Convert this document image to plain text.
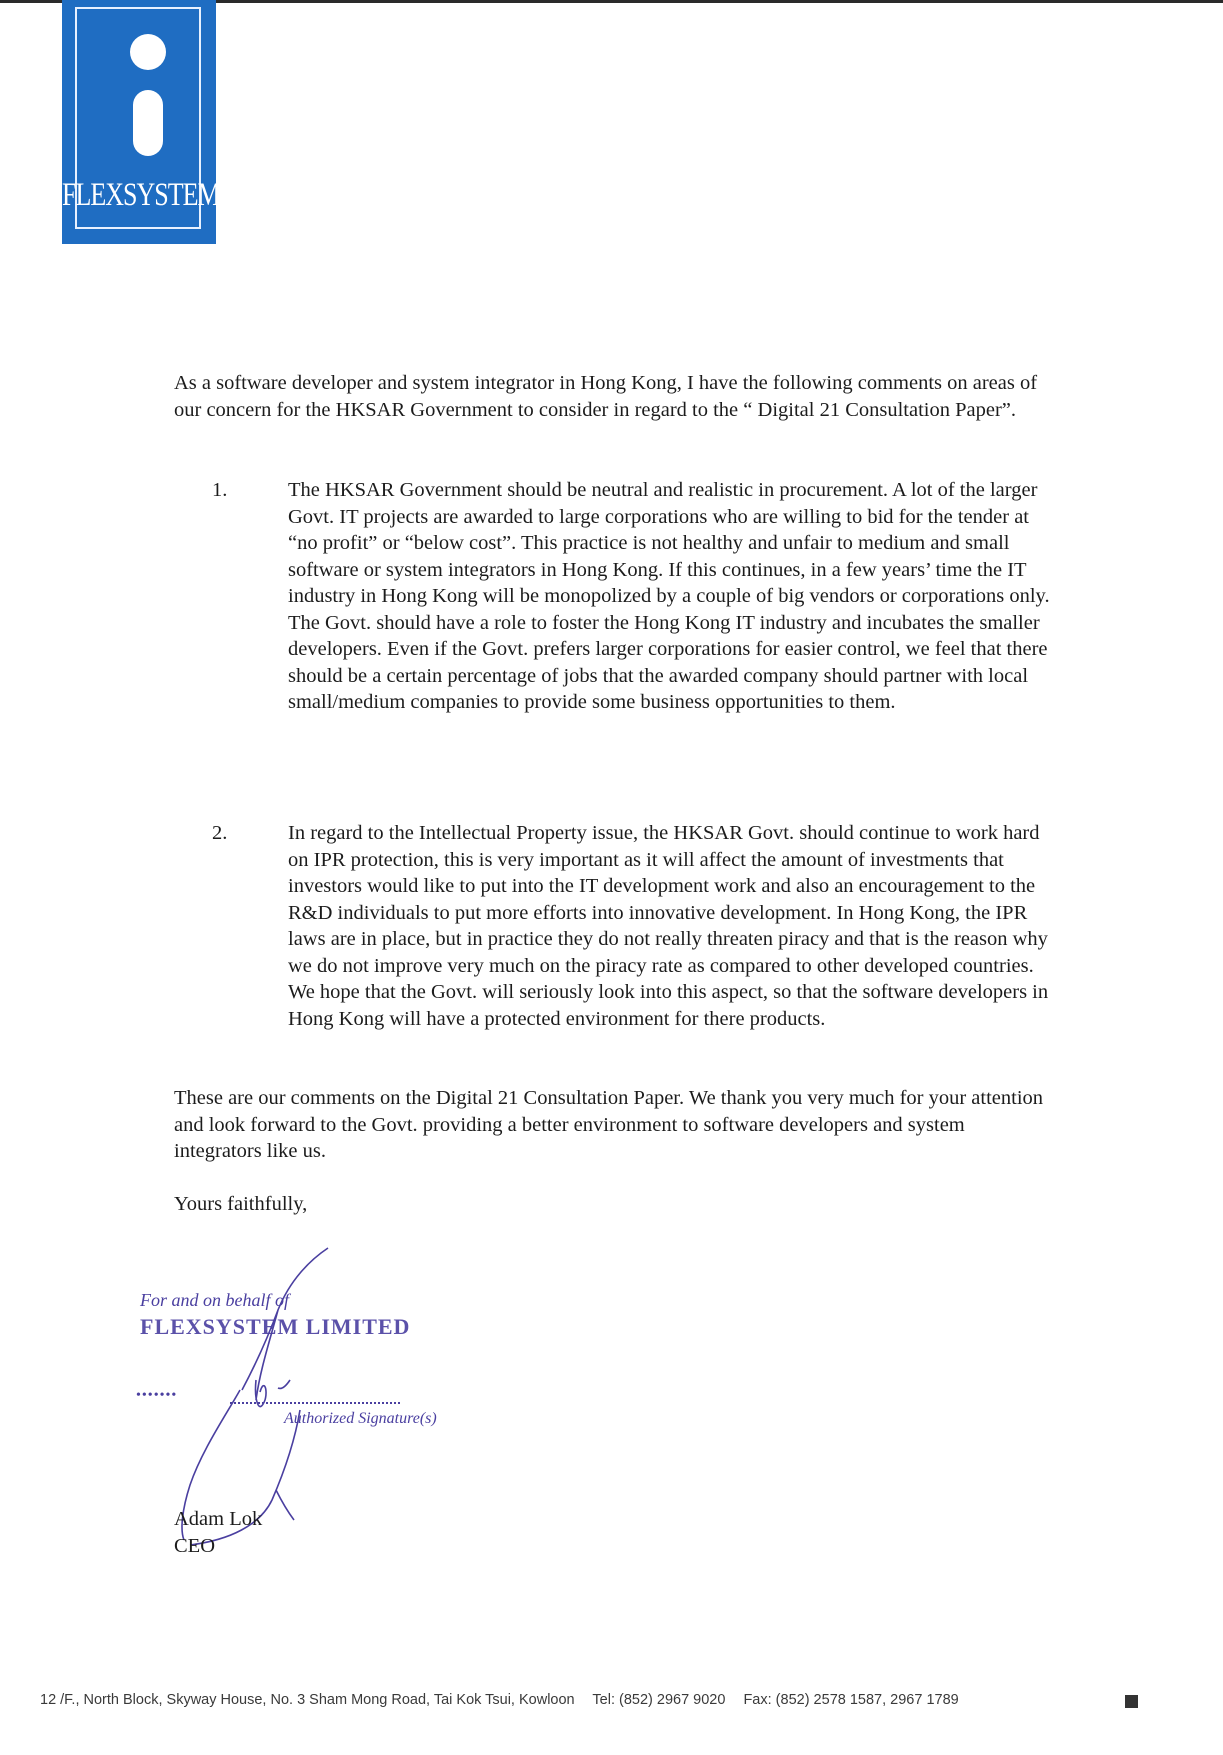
FLEXSYSTEM

As a software developer and system integrator in Hong Kong, I have the following comments on areas of our concern for the HKSAR Government to consider in regard to the “ Digital 21 Consultation Paper”.

1.	The HKSAR Government should be neutral and realistic in procurement. A lot of the larger Govt. IT projects are awarded to large corporations who are willing to bid for the tender at “no profit” or “below cost”. This practice is not healthy and unfair to medium and small software or system integrators in Hong Kong. If this continues, in a few years’ time the IT industry in Hong Kong will be monopolized by a couple of big vendors or corporations only. The Govt. should have a role to foster the Hong Kong IT industry and incubates the smaller developers. Even if the Govt. prefers larger corporations for easier control, we feel that there should be a certain percentage of jobs that the awarded company should partner with local small/medium companies to provide some business opportunities to them.

2.	In regard to the Intellectual Property issue, the HKSAR Govt. should continue to work hard on IPR protection, this is very important as it will affect the amount of investments that investors would like to put into the IT development work and also an encouragement to the R&D individuals to put more efforts into innovative development. In Hong Kong, the IPR laws are in place, but in practice they do not really threaten piracy and that is the reason why we do not improve very much on the piracy rate as compared to other developed countries. We hope that the Govt. will seriously look into this aspect, so that the software developers in Hong Kong will have a protected environment for there products.

These are our comments on the Digital 21 Consultation Paper. We thank you very much for your attention and look forward to the Govt. providing a better environment to software developers and system integrators like us.

Yours faithfully,

For and on behalf of
FLEXSYSTEM LIMITED
•••••••
Authorized Signature(s)
Adam Lok
CEO
12 /F., North Block, Skyway House, No. 3 Sham Mong Road, Tai Kok Tsui, Kowloon Tel: (852) 2967 9020 Fax: (852) 2578 1587, 2967 1789
